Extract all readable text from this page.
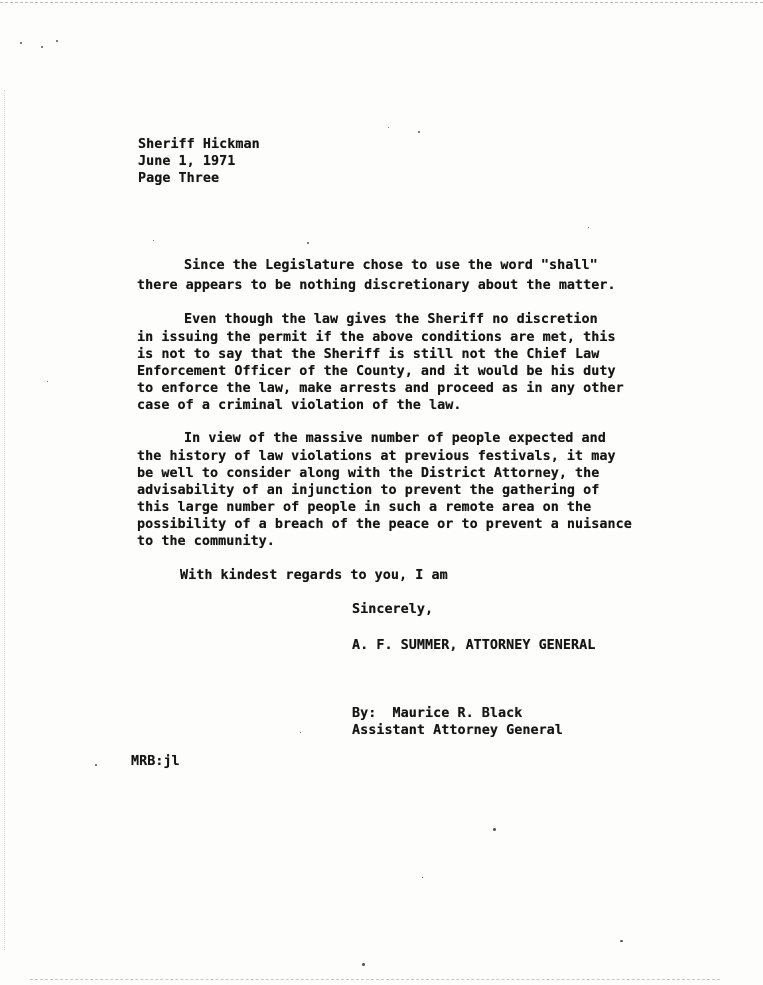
Sheriff Hickman
June 1, 1971
Page Three
Since the Legislature chose to use the word "shall"
there appears to be nothing discretionary about the matter.
Even though the law gives the Sheriff no discretion
in issuing the permit if the above conditions are met, this
is not to say that the Sheriff is still not the Chief Law
Enforcement Officer of the County, and it would be his duty
to enforce the law, make arrests and proceed as in any other
case of a criminal violation of the law.
In view of the massive number of people expected and
the history of law violations at previous festivals, it may
be well to consider along with the District Attorney, the
advisability of an injunction to prevent the gathering of
this large number of people in such a remote area on the
possibility of a breach of the peace or to prevent a nuisance
to the community.
With kindest regards to you, I am
Sincerely,
A. F. SUMMER, ATTORNEY GENERAL
By:  Maurice R. Black
Assistant Attorney General
MRB:jl
